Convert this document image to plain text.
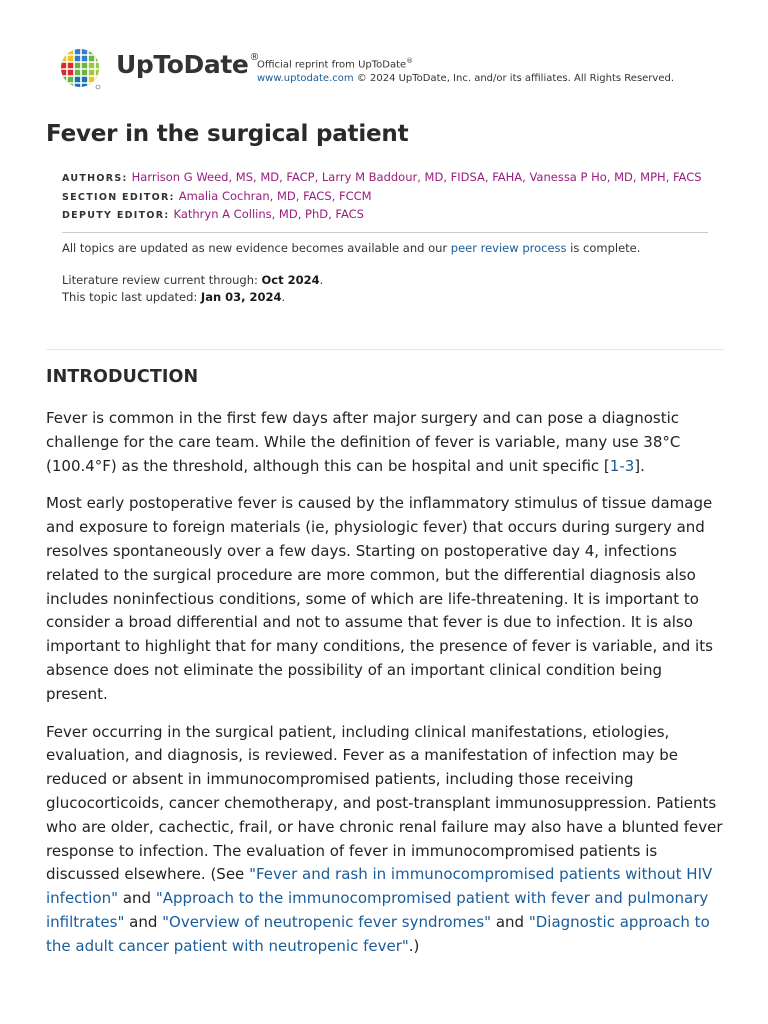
UpToDate®
Official reprint from UpToDate®
www.uptodate.com © 2024 UpToDate, Inc. and/or its affiliates. All Rights Reserved.
Fever in the surgical patient
AUTHORS: Harrison G Weed, MS, MD, FACP, Larry M Baddour, MD, FIDSA, FAHA, Vanessa P Ho, MD, MPH, FACS
SECTION EDITOR: Amalia Cochran, MD, FACS, FCCM
DEPUTY EDITOR: Kathryn A Collins, MD, PhD, FACS
All topics are updated as new evidence becomes available and our peer review process is complete.
Literature review current through: Oct 2024.
This topic last updated: Jan 03, 2024.
INTRODUCTION

Fever is common in the first few days after major surgery and can pose a diagnostic challenge for the care team. While the definition of fever is variable, many use 38°C (100.4°F) as the threshold, although this can be hospital and unit specific [1-3].

Most early postoperative fever is caused by the inflammatory stimulus of tissue damage and exposure to foreign materials (ie, physiologic fever) that occurs during surgery and resolves spontaneously over a few days. Starting on postoperative day 4, infections related to the surgical procedure are more common, but the differential diagnosis also includes noninfectious conditions, some of which are life-threatening. It is important to consider a broad differential and not to assume that fever is due to infection. It is also important to highlight that for many conditions, the presence of fever is variable, and its absence does not eliminate the possibility of an important clinical condition being present.

Fever occurring in the surgical patient, including clinical manifestations, etiologies, evaluation, and diagnosis, is reviewed. Fever as a manifestation of infection may be reduced or absent in immunocompromised patients, including those receiving glucocorticoids, cancer chemotherapy, and post-transplant immunosuppression. Patients who are older, cachectic, frail, or have chronic renal failure may also have a blunted fever response to infection. The evaluation of fever in immunocompromised patients is discussed elsewhere. (See "Fever and rash in immunocompromised patients without HIV infection" and "Approach to the immunocompromised patient with fever and pulmonary infiltrates" and "Overview of neutropenic fever syndromes" and "Diagnostic approach to the adult cancer patient with neutropenic fever".)
